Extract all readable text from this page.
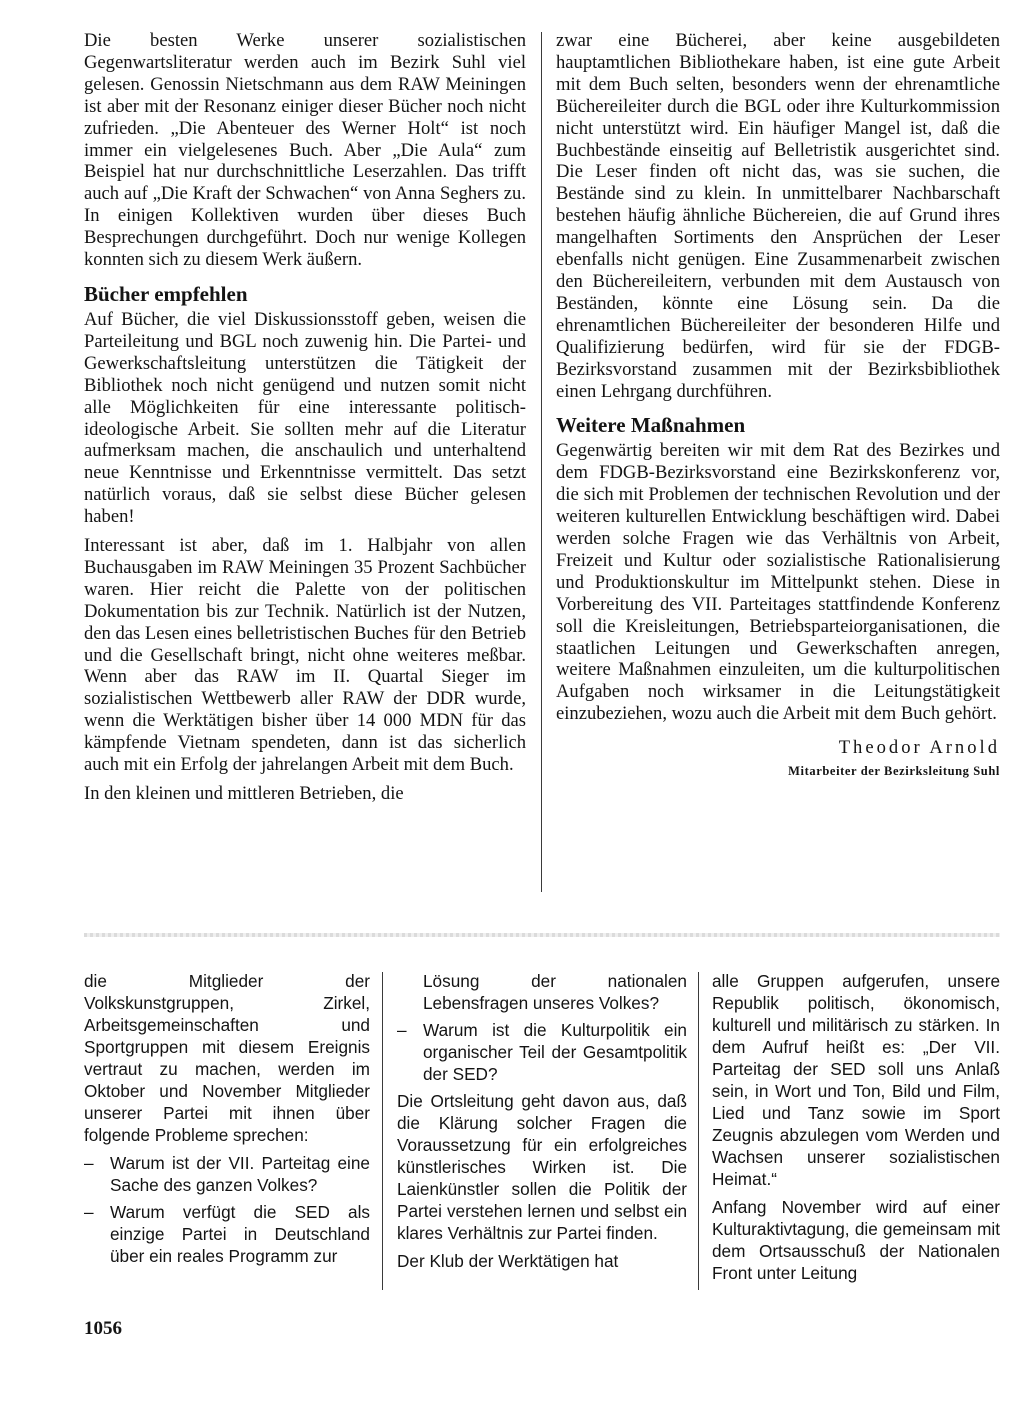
Die besten Werke unserer sozialistischen Gegenwartsliteratur werden auch im Bezirk Suhl viel gelesen. Genossin Nietschmann aus dem RAW Meiningen ist aber mit der Resonanz einiger dieser Bücher noch nicht zufrieden. „Die Abenteuer des Werner Holt“ ist noch immer ein vielgelesenes Buch. Aber „Die Aula“ zum Beispiel hat nur durchschnittliche Leserzahlen. Das trifft auch auf „Die Kraft der Schwachen“ von Anna Seghers zu. In einigen Kollektiven wurden über dieses Buch Besprechungen durchgeführt. Doch nur wenige Kollegen konnten sich zu diesem Werk äußern.

Bücher empfehlen

Auf Bücher, die viel Diskussionsstoff geben, weisen die Parteileitung und BGL noch zuwenig hin. Die Partei- und Gewerkschaftsleitung unterstützen die Tätigkeit der Bibliothek noch nicht genügend und nutzen somit nicht alle Möglichkeiten für eine interessante politisch-ideologische Arbeit. Sie sollten mehr auf die Literatur aufmerksam machen, die anschaulich und unterhaltend neue Kenntnisse und Erkenntnisse vermittelt. Das setzt natürlich voraus, daß sie selbst diese Bücher gelesen haben!

Interessant ist aber, daß im 1. Halbjahr von allen Buchausgaben im RAW Meiningen 35 Prozent Sachbücher waren. Hier reicht die Palette von der politischen Dokumentation bis zur Technik. Natürlich ist der Nutzen, den das Lesen eines belletristischen Buches für den Betrieb und die Gesellschaft bringt, nicht ohne weiteres meßbar. Wenn aber das RAW im II. Quartal Sieger im sozialistischen Wettbewerb aller RAW der DDR wurde, wenn die Werktätigen bisher über 14 000 MDN für das kämpfende Vietnam spendeten, dann ist das sicherlich auch mit ein Erfolg der jahrelangen Arbeit mit dem Buch.

In den kleinen und mittleren Betrieben, die

zwar eine Bücherei, aber keine ausgebildeten hauptamtlichen Bibliothekare haben, ist eine gute Arbeit mit dem Buch selten, besonders wenn der ehrenamtliche Büchereileiter durch die BGL oder ihre Kulturkommission nicht unterstützt wird. Ein häufiger Mangel ist, daß die Buchbestände einseitig auf Belletristik ausgerichtet sind. Die Leser finden oft nicht das, was sie suchen, die Bestände sind zu klein. In unmittelbarer Nachbarschaft bestehen häufig ähnliche Büchereien, die auf Grund ihres mangelhaften Sortiments den Ansprüchen der Leser ebenfalls nicht genügen. Eine Zusammenarbeit zwischen den Büchereileitern, verbunden mit dem Austausch von Beständen, könnte eine Lösung sein. Da die ehrenamtlichen Büchereileiter der besonderen Hilfe und Qualifizierung bedürfen, wird für sie der FDGB-Bezirksvorstand zusammen mit der Bezirksbibliothek einen Lehrgang durchführen.

Weitere Maßnahmen

Gegenwärtig bereiten wir mit dem Rat des Bezirkes und dem FDGB-Bezirksvorstand eine Bezirkskonferenz vor, die sich mit Problemen der technischen Revolution und der weiteren kulturellen Entwicklung beschäftigen wird. Dabei werden solche Fragen wie das Verhältnis von Arbeit, Freizeit und Kultur oder sozialistische Rationalisierung und Produktionskultur im Mittelpunkt stehen. Diese in Vorbereitung des VII. Parteitages stattfindende Konferenz soll die Kreisleitungen, Betriebsparteiorganisationen, die staatlichen Leitungen und Gewerkschaften anregen, weitere Maßnahmen einzuleiten, um die kulturpolitischen Aufgaben noch wirksamer in die Leitungstätigkeit einzubeziehen, wozu auch die Arbeit mit dem Buch gehört.

Theodor Arnold
Mitarbeiter der Bezirksleitung Suhl

die Mitglieder der Volkskunstgruppen, Zirkel, Arbeitsgemeinschaften und Sportgruppen mit diesem Ereignis vertraut zu machen, werden im Oktober und November Mitglieder unserer Partei mit ihnen über folgende Probleme sprechen:

– Warum ist der VII. Parteitag eine Sache des ganzen Volkes?
– Warum verfügt die SED als einzige Partei in Deutschland über ein reales Programm zur
Lösung der nationalen Lebensfragen unseres Volkes?
– Warum ist die Kulturpolitik ein organischer Teil der Gesamtpolitik der SED?

Die Ortsleitung geht davon aus, daß die Klärung solcher Fragen die Voraussetzung für ein erfolgreiches künstlerisches Wirken ist. Die Laienkünstler sollen die Politik der Partei verstehen lernen und selbst ein klares Verhältnis zur Partei finden.

Der Klub der Werktätigen hat

alle Gruppen aufgerufen, unsere Republik politisch, ökonomisch, kulturell und militärisch zu stärken. In dem Aufruf heißt es: „Der VII. Parteitag der SED soll uns Anlaß sein, in Wort und Ton, Bild und Film, Lied und Tanz sowie im Sport Zeugnis abzulegen vom Werden und Wachsen unserer sozialistischen Heimat.“

Anfang November wird auf einer Kulturaktivtagung, die gemeinsam mit dem Ortsausschuß der Nationalen Front unter Leitung

1056
